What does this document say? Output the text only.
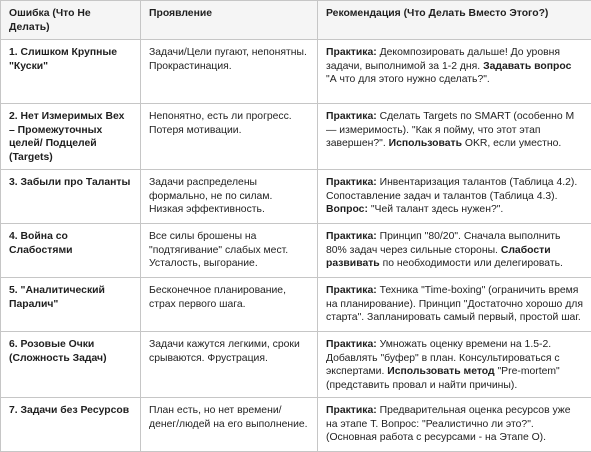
Ошибка (Что Не Делать)	Проявление	Рекомендация (Что Делать Вместо Этого?)
1. Слишком Крупные "Куски"	Задачи/Цели пугают, непонятны. Прокрастинация.	Практика: Декомпозировать дальше! До уровня задачи, выполнимой за 1-2 дня. Задавать вопрос "А что для этого нужно сделать?".
2. Нет Измеримых Вех – Промежуточных целей/ Подцелей (Targets)	Непонятно, есть ли прогресс. Потеря мотивации.	Практика: Сделать Targets по SMART (особенно M — измеримость). "Как я пойму, что этот этап завершен?". Использовать OKR, если уместно.
3. Забыли про Таланты	Задачи распределены формально, не по силам. Низкая эффективность.	Практика: Инвентаризация талантов (Таблица 4.2). Сопоставление задач и талантов (Таблица 4.3). Вопрос: "Чей талант здесь нужен?".
4. Война со Слабостями	Все силы брошены на "подтягивание" слабых мест. Усталость, выгорание.	Практика: Принцип "80/20". Сначала выполнить 80% задач через сильные стороны. Слабости развивать по необходимости или делегировать.
5. "Аналитический Паралич"	Бесконечное планирование, страх первого шага.	Практика: Техника "Time-boxing" (ограничить время на планирование). Принцип "Достаточно хорошо для старта". Запланировать самый первый, простой шаг.
6. Розовые Очки (Сложность Задач)	Задачи кажутся легкими, сроки срываются. Фрустрация.	Практика: Умножать оценку времени на 1.5-2. Добавлять "буфер" в план. Консультироваться с экспертами. Использовать метод "Pre-mortem" (представить провал и найти причины).
7. Задачи без Ресурсов	План есть, но нет времени/денег/людей на его выполнение.	Практика: Предварительная оценка ресурсов уже на этапе T. Вопрос: "Реалистично ли это?". (Основная работа с ресурсами - на Этапе O).
